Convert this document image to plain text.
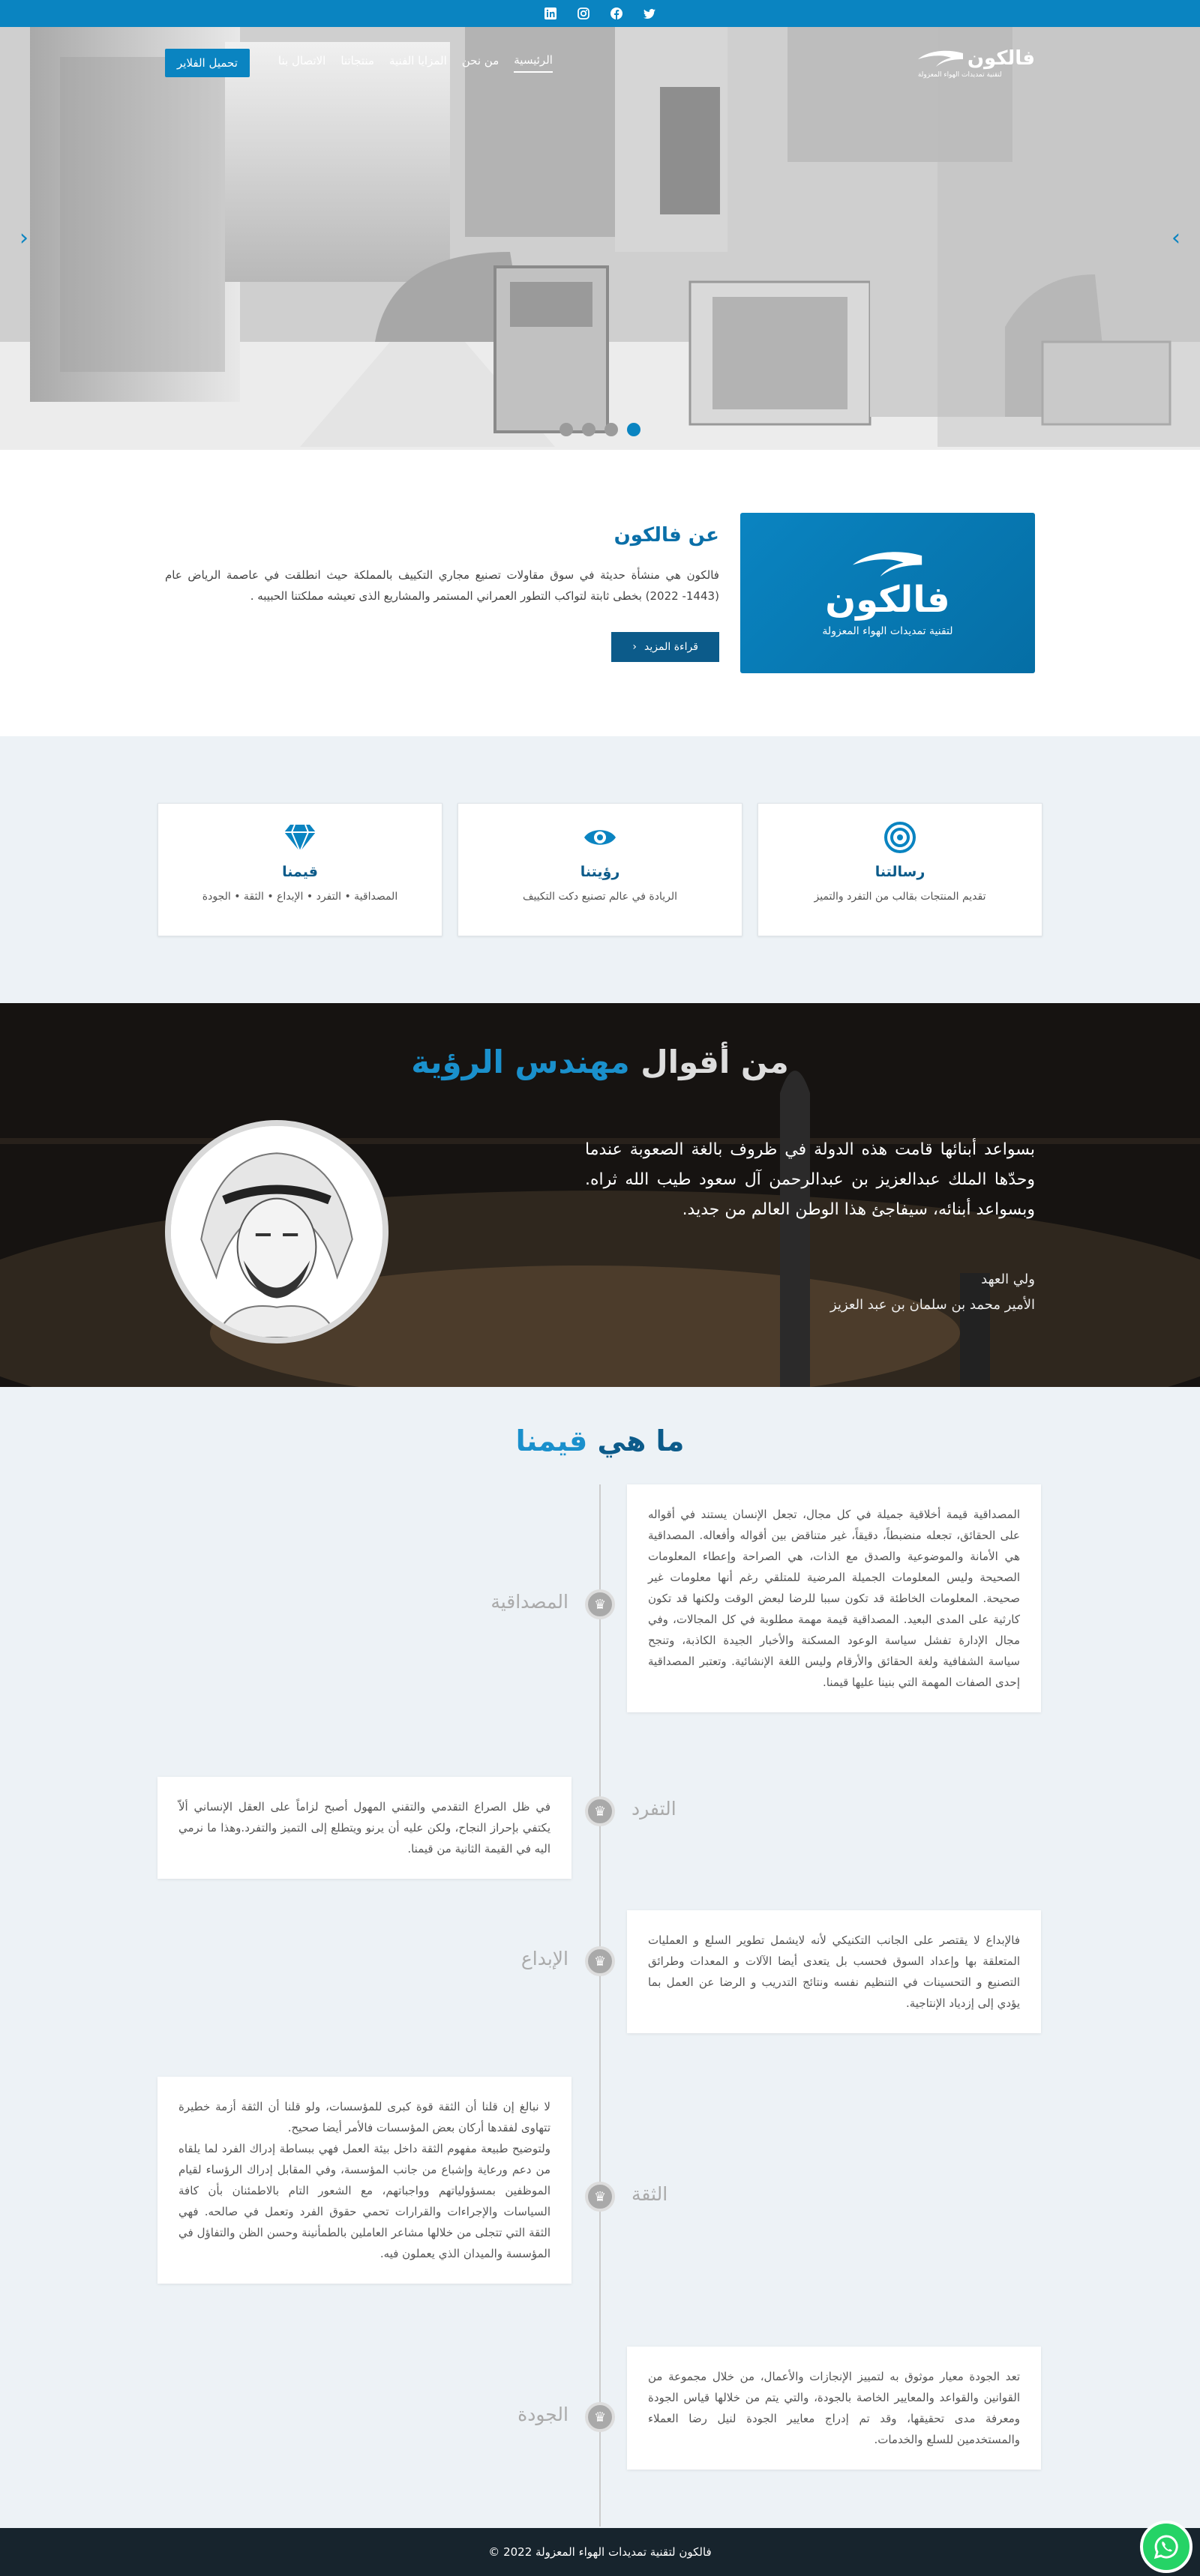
فالكون
لتقنية تمديدات الهواء المعزولة
الرئيسية
من نحن
المزايا الفنية
منتجاتنا
الاتصال بنا
تحميل الفلاير
‹	›
فالكون
لتقنية تمديدات الهواء المعزولة
عن فالكون

فالكون هي منشأة حديثة في سوق مقاولات تصنيع مجاري التكييف بالمملكة حيث انطلقت في عاصمة الرياض عام (1443- 2022) بخطى ثابتة لتواكب التطور العمراني المستمر والمشاريع الذى تعيشه مملكتنا الحبيبه .

قراءة المزيد
‹
رسالتنا
تقديم المنتجات بقالب من التفرد والتميز
رؤيتنا
الريادة في عالم تصنيع دكت التكييف
قيمنا
المصداقية • التفرد • الإبداع • الثقة • الجودة
من أقوال مهندس الرؤية

بسواعد أبنائها قامت هذه الدولة في ظروف بالغة الصعوبة عندما وحدّها الملك عبدالعزيز بن عبدالرحمن آل سعود طيب الله ثراه. وبسواعد أبنائه، سيفاجئ هذا الوطن العالم من جديد.

ولي العهد
الأمير محمد بن سلمان بن عبد العزيز
ما هي قيمنا
♛
المصداقية
المصداقية قيمة أخلاقية جميلة في كل مجال، تجعل الإنسان يستند في أقواله على الحقائق، تجعله منضبطاً، دقيقاً، غير متناقض بين أقواله وأفعاله. المصداقية هي الأمانة والموضوعية والصدق مع الذات، هي الصراحة وإعطاء المعلومات الصحيحة وليس المعلومات الجميلة المرضية للمتلقي رغم أنها معلومات غير صحيحة. المعلومات الخاطئة قد تكون سببا للرضا لبعض الوقت ولكنها قد تكون كارثية على المدى البعيد. المصداقية قيمة مهمة مطلوبة في كل المجالات، وفي مجال الإدارة تفشل سياسة الوعود المسكنة والأخبار الجيدة الكاذبة، وتنجح سياسة الشفافية ولغة الحقائق والأرقام وليس اللغة الإنشائية. وتعتبر المصداقية إحدى الصفات المهمة التي بنينا عليها قيمنا.
♛	التفرد
في ظل الصراع التقدمي والتقني المهول أصبح لزاماً على العقل الإنساني ألاّ يكتفي بإحراز النجاح، ولكن عليه أن يرنو ويتطلع إلى التميز والتفرد.وهذا ما نرمي اليه في القيمة الثانية من قيمنا.
♛
الإبداع
فالإبداع لا يقتصر على الجانب التكنيكي لأنه لايشمل تطوير السلع و العمليات المتعلقة بها وإعداد السوق فحسب بل يتعدى أيضا الآلات و المعدات وطرائق التصنيع و التحسينات في التنظيم نفسه ونتائج التدريب و الرضا عن العمل بما يؤدي إلى إزدياد الإنتاجية.
♛	الثقة
لا نبالغ إن قلنا أن الثقة قوة كبرى للمؤسسات، ولو قلنا أن الثقة أزمة خطيرة تتهاوى لفقدها أركان بعض المؤسسات فالأمر أيضا صحيح.
ولتوضيح طبيعة مفهوم الثقة داخل بيئة العمل فهي ببساطة إدراك الفرد لما يلقاه من دعم ورعاية وإشباع من جانب المؤسسة، وفي المقابل إدراك الرؤساء لقيام الموظفين بمسؤولياتهم وواجباتهم، مع الشعور التام بالاطمئنان بأن كافة السياسات والإجراءات والقرارات تحمي حقوق الفرد وتعمل في صالحه. فهي الثقة التي تتجلى من خلالها مشاعر العاملين بالطمأنينة وحسن الظن والتفاؤل في المؤسسة والميدان الذي يعملون فيه.
♛
الجودة
تعد الجودة معيار موثوق به لتمييز الإنجازات والأعمال، من خلال مجموعة من القوانين والقواعد والمعايير الخاصة بالجودة، والتي يتم من خلالها قياس الجودة ومعرفة مدى تحقيقها، وقد تم إدراج معايير الجودة لنيل رضا العملاء والمستخدمين للسلع والخدمات.
فالكون لتقنية تمديدات الهواء المعزولة 2022 ©
